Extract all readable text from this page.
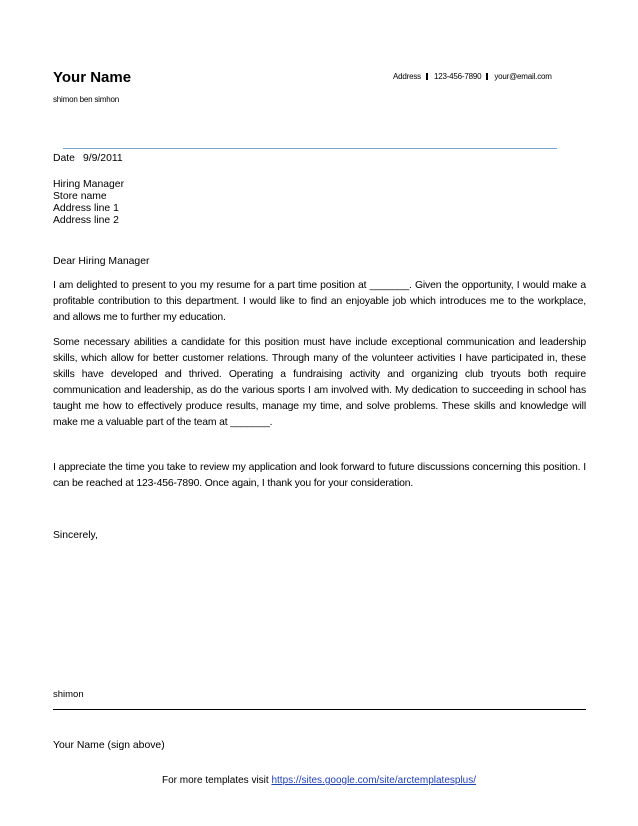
Your Name
shimon ben simhon
Address 123-456-7890 your@email.com
Date 9/9/2011
Hiring Manager
Store name
Address line 1
Address line 2
Dear Hiring Manager
I am delighted to present to you my resume for a part time position at _______. Given the opportunity, I would make a profitable contribution to this department. I would like to find an enjoyable job which introduces me to the workplace, and allows me to further my education.
Some necessary abilities a candidate for this position must have include exceptional communication and leadership skills, which allow for better customer relations. Through many of the volunteer activities I have participated in, these skills have developed and thrived. Operating a fundraising activity and organizing club tryouts both require communication and leadership, as do the various sports I am involved with. My dedication to succeeding in school has taught me how to effectively produce results, manage my time, and solve problems. These skills and knowledge will make me a valuable part of the team at _______.
I appreciate the time you take to review my application and look forward to future discussions concerning this position. I can be reached at 123-456-7890. Once again, I thank you for your consideration.
Sincerely,
shimon
Your Name (sign above)
For more templates visit https://sites.google.com/site/arctemplatesplus/
